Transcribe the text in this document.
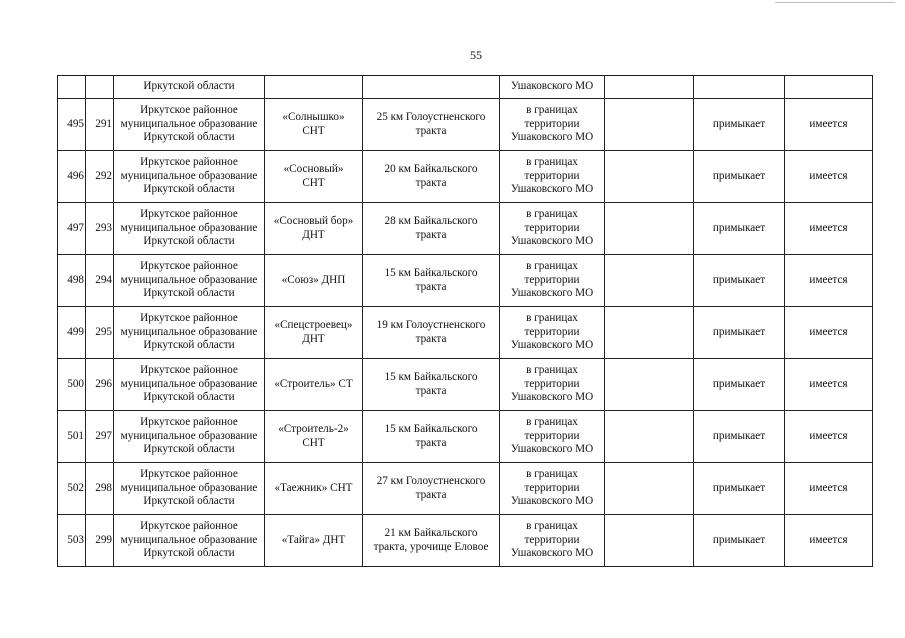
55
		Иркутской области			Ушаковского МО			
495	291	Иркутское районное
муниципальное образование
Иркутской области	«Солнышко»
СНТ	25 км Голоустненского
тракта	в границах
территории
Ушаковского МО		примыкает	имеется
496	292	Иркутское районное
муниципальное образование
Иркутской области	«Сосновый»
СНТ	20 км Байкальского
тракта	в границах
территории
Ушаковского МО		примыкает	имеется
497	293	Иркутское районное
муниципальное образование
Иркутской области	«Сосновый бор»
ДНТ	28 км Байкальского
тракта	в границах
территории
Ушаковского МО		примыкает	имеется
498	294	Иркутское районное
муниципальное образование
Иркутской области	«Союз» ДНП	15 км Байкальского
тракта	в границах
территории
Ушаковского МО		примыкает	имеется
499	295	Иркутское районное
муниципальное образование
Иркутской области	«Спецстроевец»
ДНТ	19 км Голоустненского
тракта	в границах
территории
Ушаковского МО		примыкает	имеется
500	296	Иркутское районное
муниципальное образование
Иркутской области	«Строитель» СТ	15 км Байкальского
тракта	в границах
территории
Ушаковского МО		примыкает	имеется
501	297	Иркутское районное
муниципальное образование
Иркутской области	«Строитель-2»
СНТ	15 км Байкальского
тракта	в границах
территории
Ушаковского МО		примыкает	имеется
502	298	Иркутское районное
муниципальное образование
Иркутской области	«Таежник» СНТ	27 км Голоустненского
тракта	в границах
территории
Ушаковского МО		примыкает	имеется
503	299	Иркутское районное
муниципальное образование
Иркутской области	«Тайга» ДНТ	21 км Байкальского
тракта, урочище Еловое	в границах
территории
Ушаковского МО		примыкает	имеется
